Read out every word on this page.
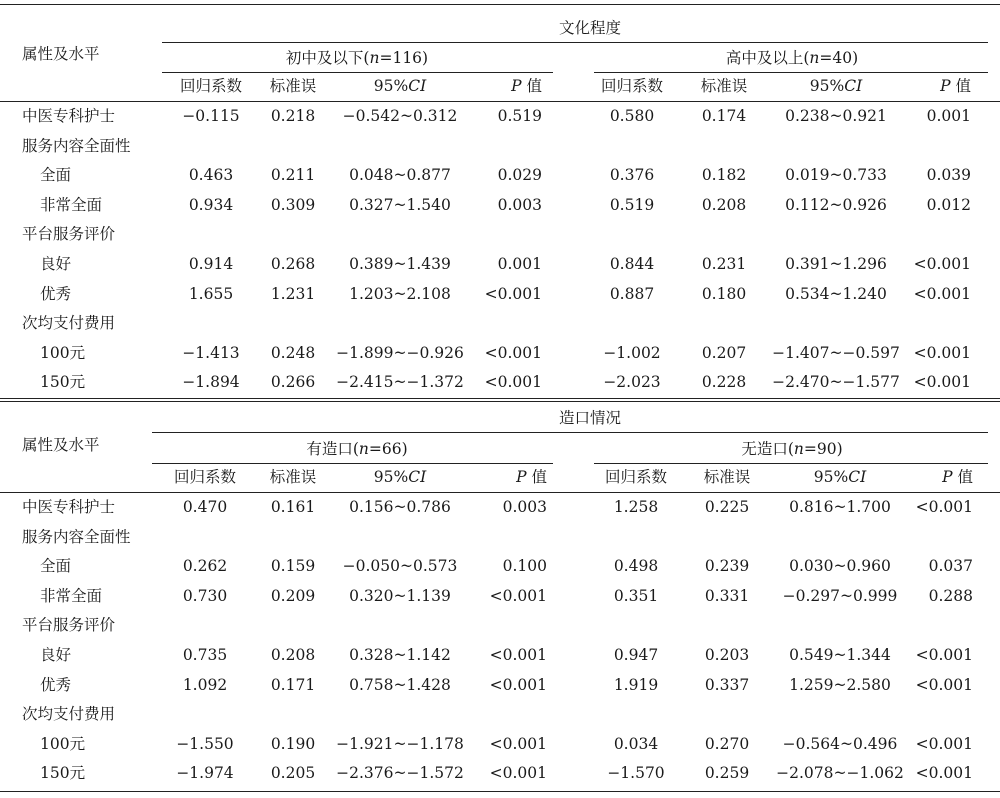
文化程度
属性及水平	初中及以下(n=116)
回归系数 标准误	95%CI	P 值
高中及以上(n=40)
回归系数 标准误	95%CI	P 值
中医专科护士	−0.115 0.218 −0.542~0.312	0.519	0.580	0.174	0.238~0.921	0.001
服务内容全面性
全面	0.463 0.211 0.048~0.877	0.029	0.376	0.182	0.019~0.733	0.039
非常全面	0.934 0.309 0.327~1.540	0.003	0.519	0.208	0.112~0.926	0.012
平台服务评价
良好	0.914 0.268 0.389~1.439	0.001	0.844	0.231	0.391~1.296 <0.001
优秀	1.655 1.231 1.203~2.108 <0.001	0.887	0.180	0.534~1.240 <0.001
次均支付费用
100元	−1.413 0.248 −1.899~−0.926 <0.001	−1.002	0.207 −1.407~−0.597 <0.001
150元	−1.894 0.266 −2.415~−1.372 <0.001	−2.023	0.228 −2.470~−1.577 <0.001
造口情况
属性及水平	有造口(n=66)
回归系数 标准误	95%CI	P 值
无造口(n=90)
回归系数 标准误	95%CI	P 值
中医专科护士	0.470	0.161 0.156~0.786	0.003	1.258	0.225	0.816~1.700 <0.001
服务内容全面性
全面	0.262	0.159 −0.050~0.573	0.100	0.498	0.239	0.030~0.960 0.037
非常全面	0.730	0.209 0.320~1.139	<0.001	0.351	0.331 −0.297~0.999 0.288
平台服务评价
良好	0.735	0.208 0.328~1.142	<0.001	0.947	0.203	0.549~1.344 <0.001
优秀	1.092	0.171 0.758~1.428	<0.001	1.919	0.337	1.259~2.580 <0.001
次均支付费用
100元	−1.550 0.190 −1.921~−1.178 <0.001	0.034	0.270 −0.564~0.496 <0.001
150元	−1.974 0.205 −2.376~−1.572 <0.001	−1.570	0.259 −2.078~−1.062 <0.001
